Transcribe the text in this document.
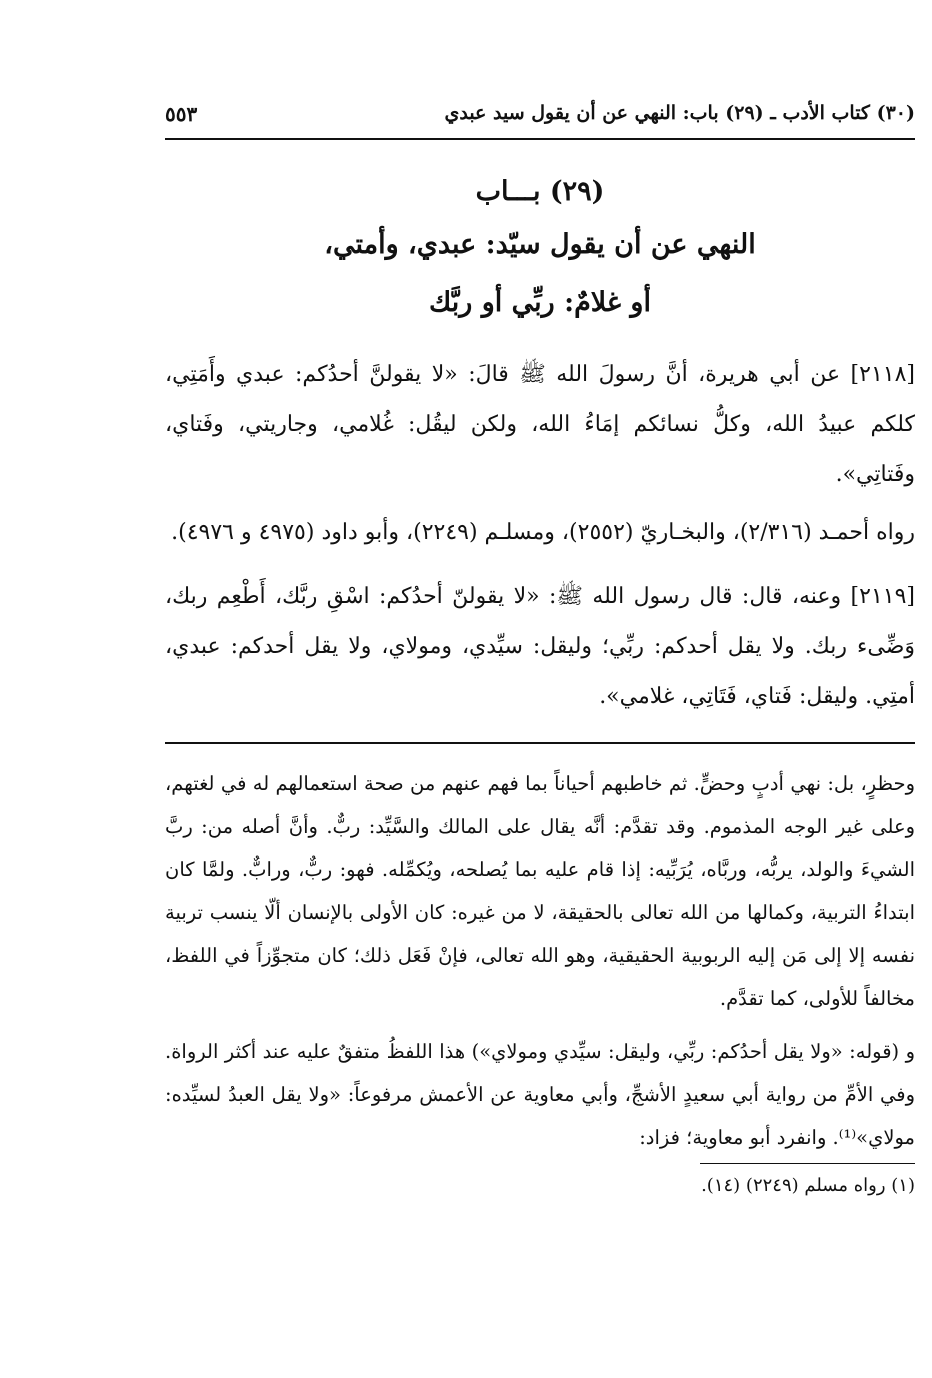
(٣٠) كتاب الأدب ـ (٢٩) باب: النهي عن أن يقول سيد عبدي
٥٥٣
(٢٩) بـــاب
النهي عن أن يقول سيّد: عبدي، وأمتي،
أو غلامٌ: ربِّي أو ربَّك

[٢١١٨] عن أبي هريرة، أنَّ رسولَ الله ﷺ قالَ: «لا يقولنَّ أحدُكم: عبدي وأَمَتِي، كلكم عبيدُ الله، وكلُّ نسائكم إمَاءُ الله، ولكن ليقُل: غُلامي، وجاريتي، وفَتاي، وفَتاتِي».

رواه أحمـد (٢/٣١٦)، والبخـاريّ (٢٥٥٢)، ومسلـم (٢٢٤٩)، وأبو داود (٤٩٧٥ و ٤٩٧٦).

[٢١١٩] وعنه، قال: قال رسول الله ﷺ: «لا يقولنّ أحدُكم: اسْقِ ربَّك، أَطْعِم ربك، وَضِّىء ربك. ولا يقل أحدكم: ربِّي؛ وليقل: سيِّدي، ومولاي، ولا يقل أحدكم: عبدي، أمتِي. وليقل: فَتاي، فَتَاتِي، غلامي».

وحظرٍ، بل: نهي أدبٍ وحضٍّ. ثم خاطبهم أحياناً بما فهم عنهم من صحة استعمالهم له في لغتهم، وعلى غير الوجه المذموم. وقد تقدَّم: أنَّه يقال على المالك والسَّيِّد: ربٌّ. وأنَّ أصله من: ربَّ الشيءَ والولد، يربُّه، وربَّاه، يُرَبِّيه: إذا قام عليه بما يُصلحه، ويُكمِّله. فهو: ربٌّ، ورابٌّ. ولمَّا كان ابتداءُ التربية، وكمالها من الله تعالى بالحقيقة، لا من غيره: كان الأولى بالإنسان ألّا ينسب تربية نفسه إلا إلى مَن إليه الربوبية الحقيقية، وهو الله تعالى، فإنْ فَعَل ذلك؛ كان متجوِّزاً في اللفظ، مخالفاً للأولى، كما تقدَّم.

و (قوله: «ولا يقل أحدُكم: ربِّي، وليقل: سيِّدي ومولاي») هذا اللفظُ متفقٌ عليه عند أكثر الرواة. وفي الأمِّ من رواية أبي سعيدٍ الأشجِّ، وأبي معاوية عن الأعمش مرفوعاً: «ولا يقل العبدُ لسيِّده: مولاي»⁽¹⁾. وانفرد أبو معاوية؛ فزاد:

(١) رواه مسلم (٢٢٤٩) (١٤).
